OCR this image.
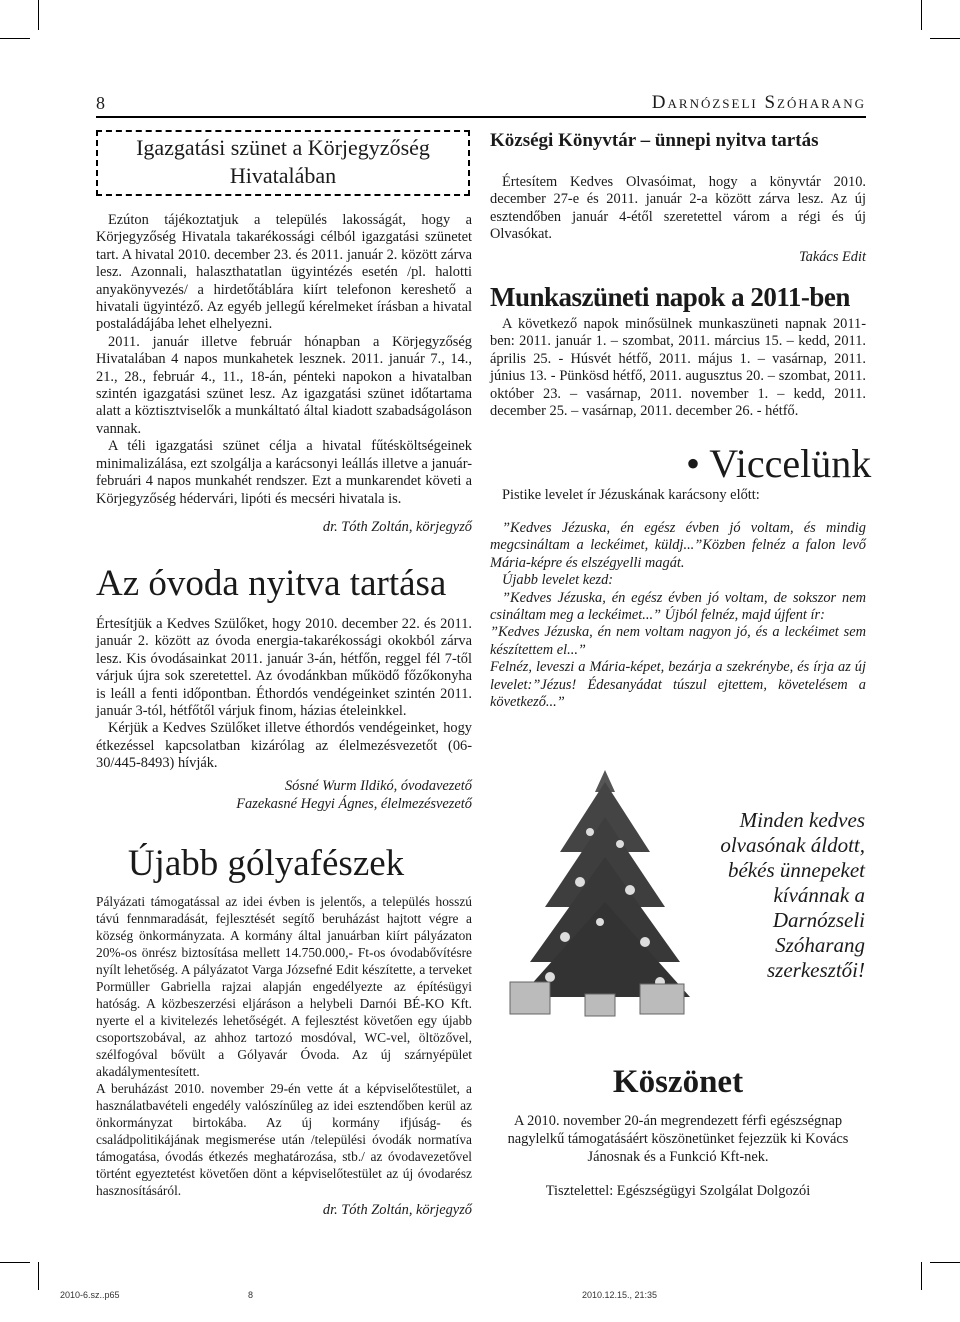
8	Darnózseli Szóharang
Igazgatási szünet a Körjegyzőség
Hivatalában

Ezúton tájékoztatjuk a település lakosságát, hogy a Körjegyzőség Hivatala takarékossági célból igazgatási szünetet tart. A hivatal 2010. december 23. és 2011. január 2. között zárva lesz. Azonnali, halaszthatatlan ügyintézés esetén /pl. halotti anyakönyvezés/ a hirdetőtáblára kiírt telefonon kereshető a hivatali ügyintéző. Az egyéb jellegű kérelmeket írásban a hivatal postaládájába lehet elhelyezni.

2011. január illetve február hónapban a Körjegyzőség Hivatalában 4 napos munkahetek lesznek. 2011. január 7., 14., 21., 28., február 4., 11., 18-án, pénteki napokon a hivatalban szintén igazgatási szünet lesz. Az igazgatási szünet időtartama alatt a köztisztviselők a munkáltató által kiadott szabadságoláson vannak.

A téli igazgatási szünet célja a hivatal fűtésköltségeinek minimalizálása, ezt szolgálja a karácsonyi leállás illetve a január-februári 4 napos munkahét rendszer. Ezt a munkarendet követi a Körjegyzőség hédervári, lipóti és mecséri hivatala is.

dr. Tóth Zoltán, körjegyző
Az óvoda nyitva tartása

Értesítjük a Kedves Szülőket, hogy 2010. december 22. és 2011. január 2. között az óvoda energia-takarékossági okokból zárva lesz. Kis óvodásainkat 2011. január 3-án, hétfőn, reggel fél 7-től várjuk újra sok szeretettel. Az óvodánkban működő főzőkonyha is leáll a fenti időpontban. Éthordós vendégeinket szintén 2011. január 3-tól, hétfőtől várjuk finom, házias ételeinkkel.

Kérjük a Kedves Szülőket illetve éthordós vendégeinket, hogy étkezéssel kapcsolatban kizárólag az élelmezésvezetőt (06-30/445-8493) hívják.

Sósné Wurm Ildikó, óvodavezető
Fazekasné Hegyi Ágnes, élelmezésvezető
Újabb gólyafészek

Pályázati támogatással az idei évben is jelentős, a település hosszú távú fennmaradását, fejlesztését segítő beruházást hajtott végre a község önkormányzata. A kormány által januárban kiírt pályázaton 20%-os önrész biztosítása mellett 14.750.000,- Ft-os óvodabővítésre nyílt lehetőség. A pályázatot Varga Józsefné Edit készítette, a terveket Pormüller Gabriella rajzai alapján engedélyezte az építésügyi hatóság. A közbeszerzési eljáráson a helybeli Darnói BÉ-KO Kft. nyerte el a kivitelezés lehetőségét. A fejlesztést követően egy újabb csoportszobával, az ahhoz tartozó mosdóval, WC-vel, öltözővel, szélfogóval bővült a Gólyavár Óvoda. Az új szárnyépület akadálymentesített.

A beruházást 2010. november 29-én vette át a képviselőtestület, a használatbavételi engedély valószínűleg az idei esztendőben kerül az önkormányzat birtokába. Az új kormány ifjúság- és családpolitikájának megismerése után /települési óvodák normatíva támogatása, óvodás étkezés meghatározása, stb./ az óvodavezetővel történt egyeztetést követően dönt a képviselőtestület az új óvodarész hasznosításáról.

dr. Tóth Zoltán, körjegyző
Községi Könyvtár – ünnepi nyitva tartás

Értesítem Kedves Olvasóimat, hogy a könyvtár 2010. december 27-e és 2011. január 2-a között zárva lesz. Az új esztendőben január 4-étől szeretettel várom a régi és új Olvasókat.

Takács Edit
Munkaszüneti napok a 2011-ben

A következő napok minősülnek munkaszüneti napnak 2011-ben: 2011. január 1. – szombat, 2011. március 15. – kedd, 2011. április 25. - Húsvét hétfő, 2011. május 1. – vasárnap, 2011. június 13. - Pünkösd hétfő, 2011. augusztus 20. – szombat, 2011. október 23. – vasárnap, 2011. november 1. – kedd, 2011. december 25. – vasárnap, 2011. december 26. - hétfő.

• Viccelünk

Pistike levelet ír Jézuskának karácsony előtt:

”Kedves Jézuska, én egész évben jó voltam, és mindig megcsináltam a leckéimet, küldj...”Közben felnéz a falon levő Mária-képre és elszégyelli magát.

Újabb levelet kezd:

”Kedves Jézuska, én egész évben jó voltam, de sokszor nem csináltam meg a leckéimet...” Újból felnéz, majd újfent ír:

”Kedves Jézuska, én nem voltam nagyon jó, és a leckéimet sem készítettem el...”

Felnéz, leveszi a Mária-képet, bezárja a szekrénybe, és írja az új levelet:”Jézus! Édesanyádat túszul ejtettem, követelésem a következő...”

Minden kedves
olvasónak áldott,
békés ünnepeket
kívánnak a
Darnózseli
Szóharang
szerkesztői!
Köszönet

A 2010. november 20-án megrendezett férfi egészségnap nagylelkű támogatásáért köszönetünket fejezzük ki Kovács Jánosnak és a Funkció Kft-nek.

Tisztelettel: Egészségügyi Szolgálat Dolgozói

2010-6.sz..p65	8	2010.12.15., 21:35
